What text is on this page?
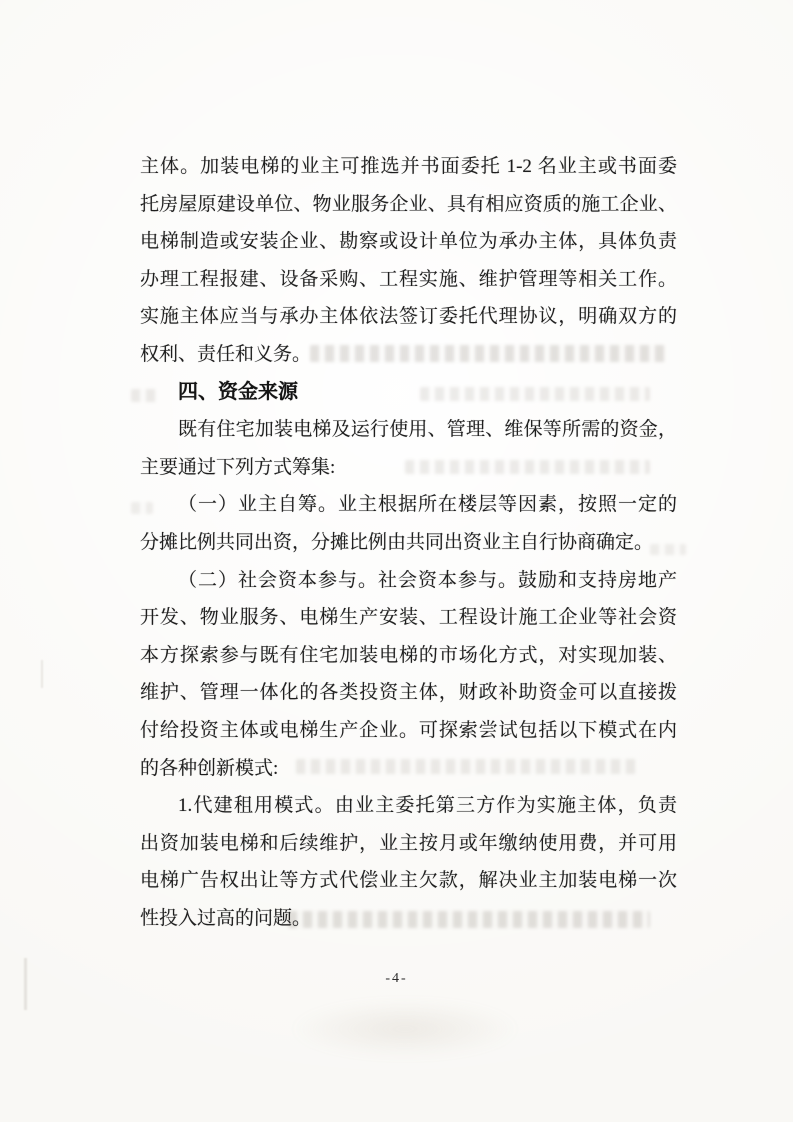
主体。加装电梯的业主可推选并书面委托 1-2 名业主或书面委
托房屋原建设单位、物业服务企业、具有相应资质的施工企业、
电梯制造或安装企业、勘察或设计单位为承办主体，具体负责
办理工程报建、设备采购、工程实施、维护管理等相关工作。
实施主体应当与承办主体依法签订委托代理协议，明确双方的
权利、责任和义务。
四、资金来源
既有住宅加装电梯及运行使用、管理、维保等所需的资金，
主要通过下列方式筹集:
（一）业主自筹。业主根据所在楼层等因素，按照一定的
分摊比例共同出资，分摊比例由共同出资业主自行协商确定。
（二）社会资本参与。社会资本参与。鼓励和支持房地产
开发、物业服务、电梯生产安装、工程设计施工企业等社会资
本方探索参与既有住宅加装电梯的市场化方式，对实现加装、
维护、管理一体化的各类投资主体，财政补助资金可以直接拨
付给投资主体或电梯生产企业。可探索尝试包括以下模式在内
的各种创新模式:
1.代建租用模式。由业主委托第三方作为实施主体，负责
出资加装电梯和后续维护，业主按月或年缴纳使用费，并可用
电梯广告权出让等方式代偿业主欠款，解决业主加装电梯一次
性投入过高的问题。
-4-
